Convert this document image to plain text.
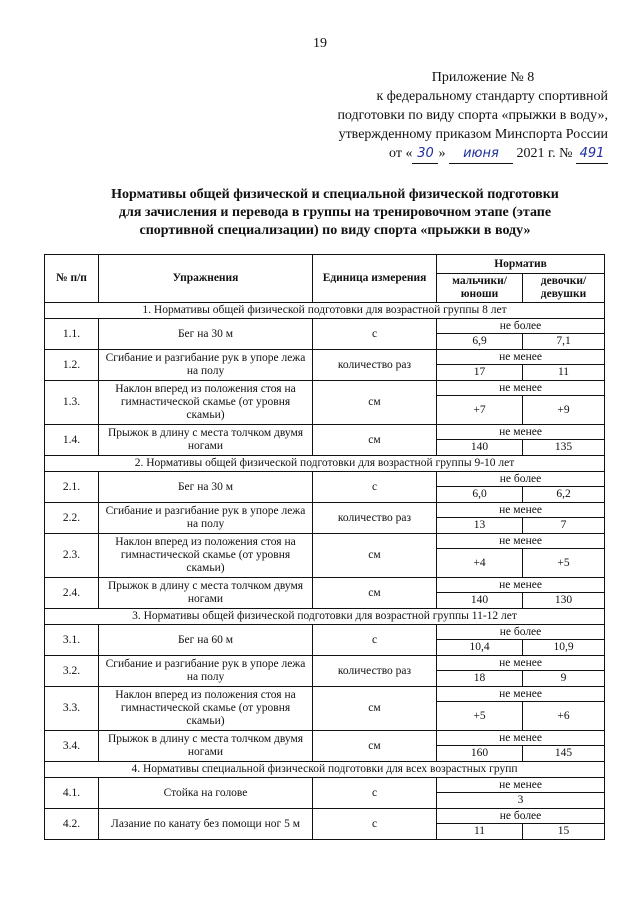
19
Приложение № 8
к федеральному стандарту спортивной
подготовки по виду спорта «прыжки в воду»,
утвержденному приказом Минспорта России
от « 30 » июня 2021 г. № 491
Нормативы общей физической и специальной физической подготовки
для зачисления и перевода в группы на тренировочном этапе (этапе
спортивной специализации) по виду спорта «прыжки в воду»
№ п/п	Упражнения	Единица измерения	Норматив	
			мальчики/ юноши	девочки/ девушки
1. Нормативы общей физической подготовки для возрастной группы 8 лет				
1.1.	Бег на 30 м	с	не более	
			6,9	7,1
1.2.	Сгибание и разгибание рук в упоре лежа на полу	количество раз	не менее	
			17	11
1.3.	Наклон вперед из положения стоя на гимнастической скамье (от уровня скамьи)	см	не менее	
			+7	+9
1.4.	Прыжок в длину с места толчком двумя ногами	см	не менее	
			140	135
2. Нормативы общей физической подготовки для возрастной группы 9-10 лет				
2.1.	Бег на 30 м	с	не более	
			6,0	6,2
2.2.	Сгибание и разгибание рук в упоре лежа на полу	количество раз	не менее	
			13	7
2.3.	Наклон вперед из положения стоя на гимнастической скамье (от уровня скамьи)	см	не менее	
			+4	+5
2.4.	Прыжок в длину с места толчком двумя ногами	см	не менее	
			140	130
3. Нормативы общей физической подготовки для возрастной группы 11-12 лет				
3.1.	Бег на 60 м	с	не более	
			10,4	10,9
3.2.	Сгибание и разгибание рук в упоре лежа на полу	количество раз	не менее	
			18	9
3.3.	Наклон вперед из положения стоя на гимнастической скамье (от уровня скамьи)	см	не менее	
			+5	+6
3.4.	Прыжок в длину с места толчком двумя ногами	см	не менее	
			160	145
4. Нормативы специальной физической подготовки для всех возрастных групп				
4.1.	Стойка на голове	с	не менее	
			3	
4.2.	Лазание по канату без помощи ног 5 м	с	не более	
			11	15
